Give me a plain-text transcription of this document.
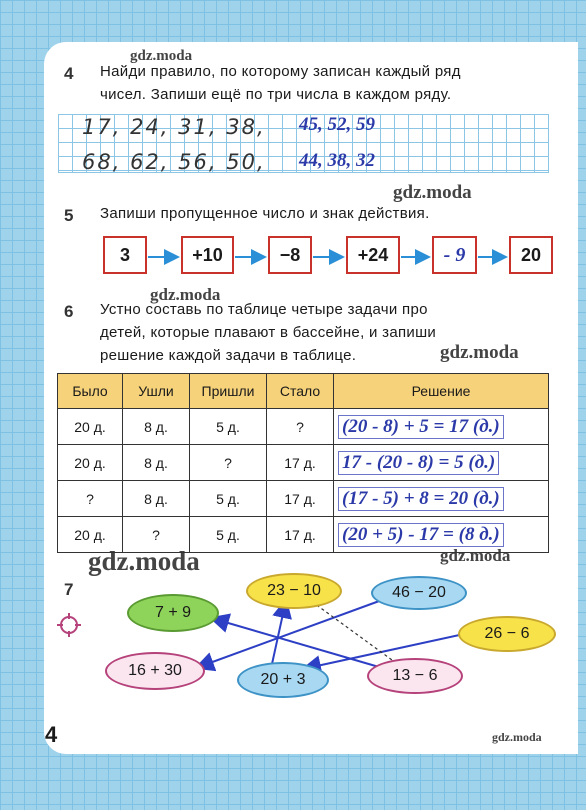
gdz.moda
gdz.moda
gdz.moda
gdz.moda
gdz.moda	gdz.moda
gdz.moda
4 Найди правило, по которому записан каждый ряд
чисел. Запиши ещё по три числа в каждом ряду.
17, 24, 31, 38, 45, 52, 59
68, 62, 56, 50, 44, 38, 32
5 Запиши пропущенное число и знак действия.
3	+10	−8	+24	- 9	20
6 Устно составь по таблице четыре задачи про
детей, которые плавают в бассейне, и запиши
решение каждой задачи в таблице.
Было	Ушли	Пришли	Стало	Решение
20 д.	8 д.	5 д.	?	(20 - 8) + 5 = 17 (д.)
20 д.	8 д.	?	17 д.	17 - (20 - 8) = 5 (д.)
?	8 д.	5 д.	17 д.	(17 - 5) + 8 = 20 (д.)
20 д.	?	5 д.	17 д.	(20 + 5) - 17 = (8 д.)
7
7 + 9
23 − 10	46 − 20
26 − 6
16 + 30
20 + 3	13 − 6
4
